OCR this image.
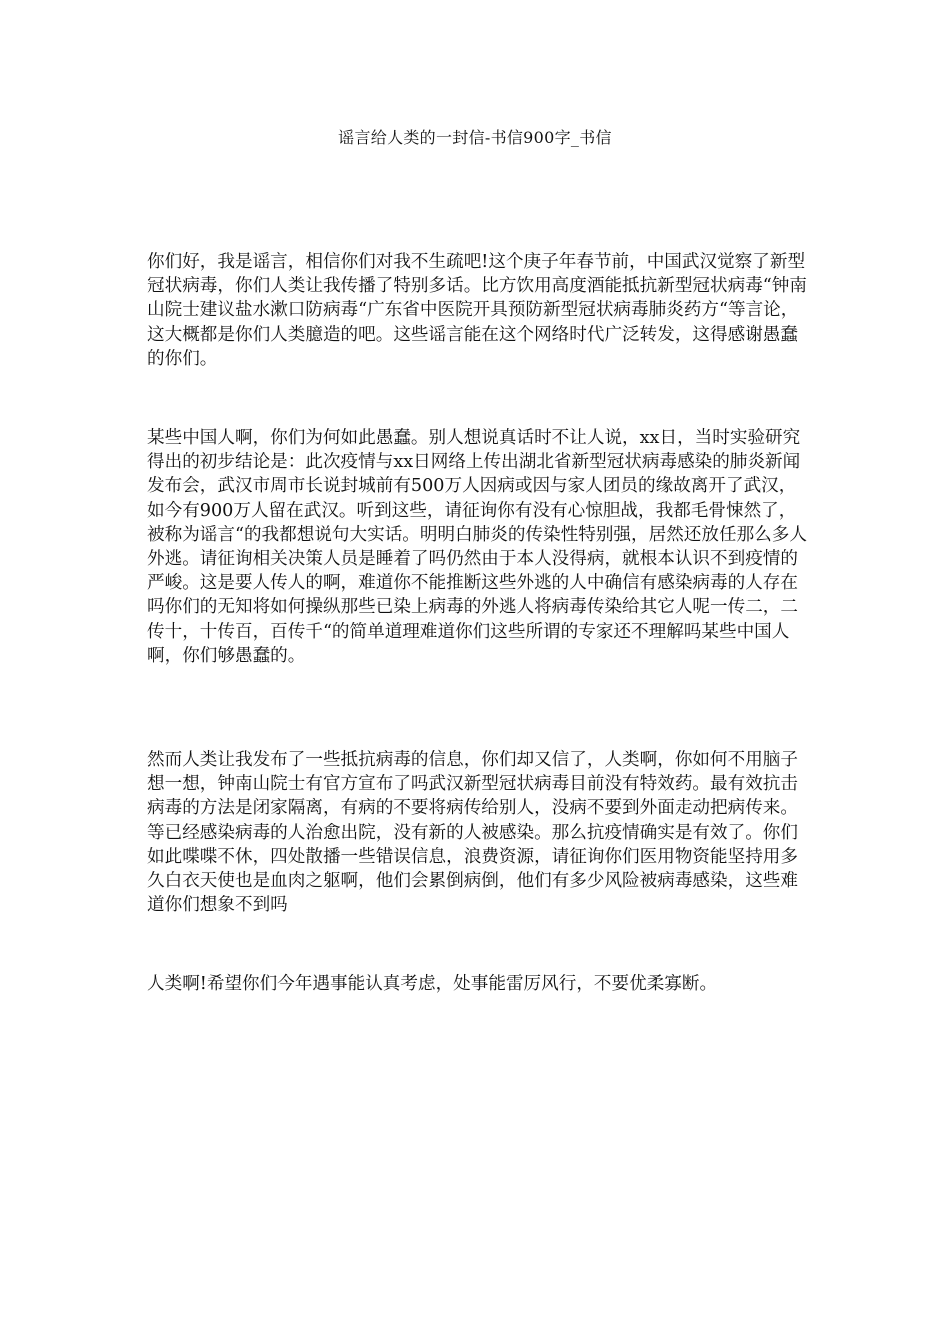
谣言给人类的一封信-书信900字_书信

你们好，我是谣言，相信你们对我不生疏吧!这个庚子年春节前，中国武汉觉察了新型冠状病毒，你们人类让我传播了特别多话。比方饮用高度酒能抵抗新型冠状病毒“钟南山院士建议盐水漱口防病毒“广东省中医院开具预防新型冠状病毒肺炎药方“等言论，这大概都是你们人类臆造的吧。这些谣言能在这个网络时代广泛转发，这得感谢愚蠢的你们。

某些中国人啊，你们为何如此愚蠢。别人想说真话时不让人说，xx日，当时实验研究得出的初步结论是：此次疫情与xx日网络上传出湖北省新型冠状病毒感染的肺炎新闻发布会，武汉市周市长说封城前有500万人因病或因与家人团员的缘故离开了武汉，如今有900万人留在武汉。听到这些，请征询你有没有心惊胆战，我都毛骨悚然了，被称为谣言“的我都想说句大实话。明明白肺炎的传染性特别强，居然还放任那么多人外逃。请征询相关决策人员是睡着了吗仍然由于本人没得病，就根本认识不到疫情的严峻。这是要人传人的啊，难道你不能推断这些外逃的人中确信有感染病毒的人存在吗你们的无知将如何操纵那些已染上病毒的外逃人将病毒传染给其它人呢一传二，二传十，十传百，百传千“的简单道理难道你们这些所谓的专家还不理解吗某些中国人啊，你们够愚蠢的。

然而人类让我发布了一些抵抗病毒的信息，你们却又信了，人类啊，你如何不用脑子想一想，钟南山院士有官方宣布了吗武汉新型冠状病毒目前没有特效药。最有效抗击病毒的方法是闭家隔离，有病的不要将病传给别人，没病不要到外面走动把病传来。等已经感染病毒的人治愈出院，没有新的人被感染。那么抗疫情确实是有效了。你们如此喋喋不休，四处散播一些错误信息，浪费资源，请征询你们医用物资能坚持用多久白衣天使也是血肉之躯啊，他们会累倒病倒，他们有多少风险被病毒感染，这些难道你们想象不到吗

人类啊!希望你们今年遇事能认真考虑，处事能雷厉风行，不要优柔寡断。
